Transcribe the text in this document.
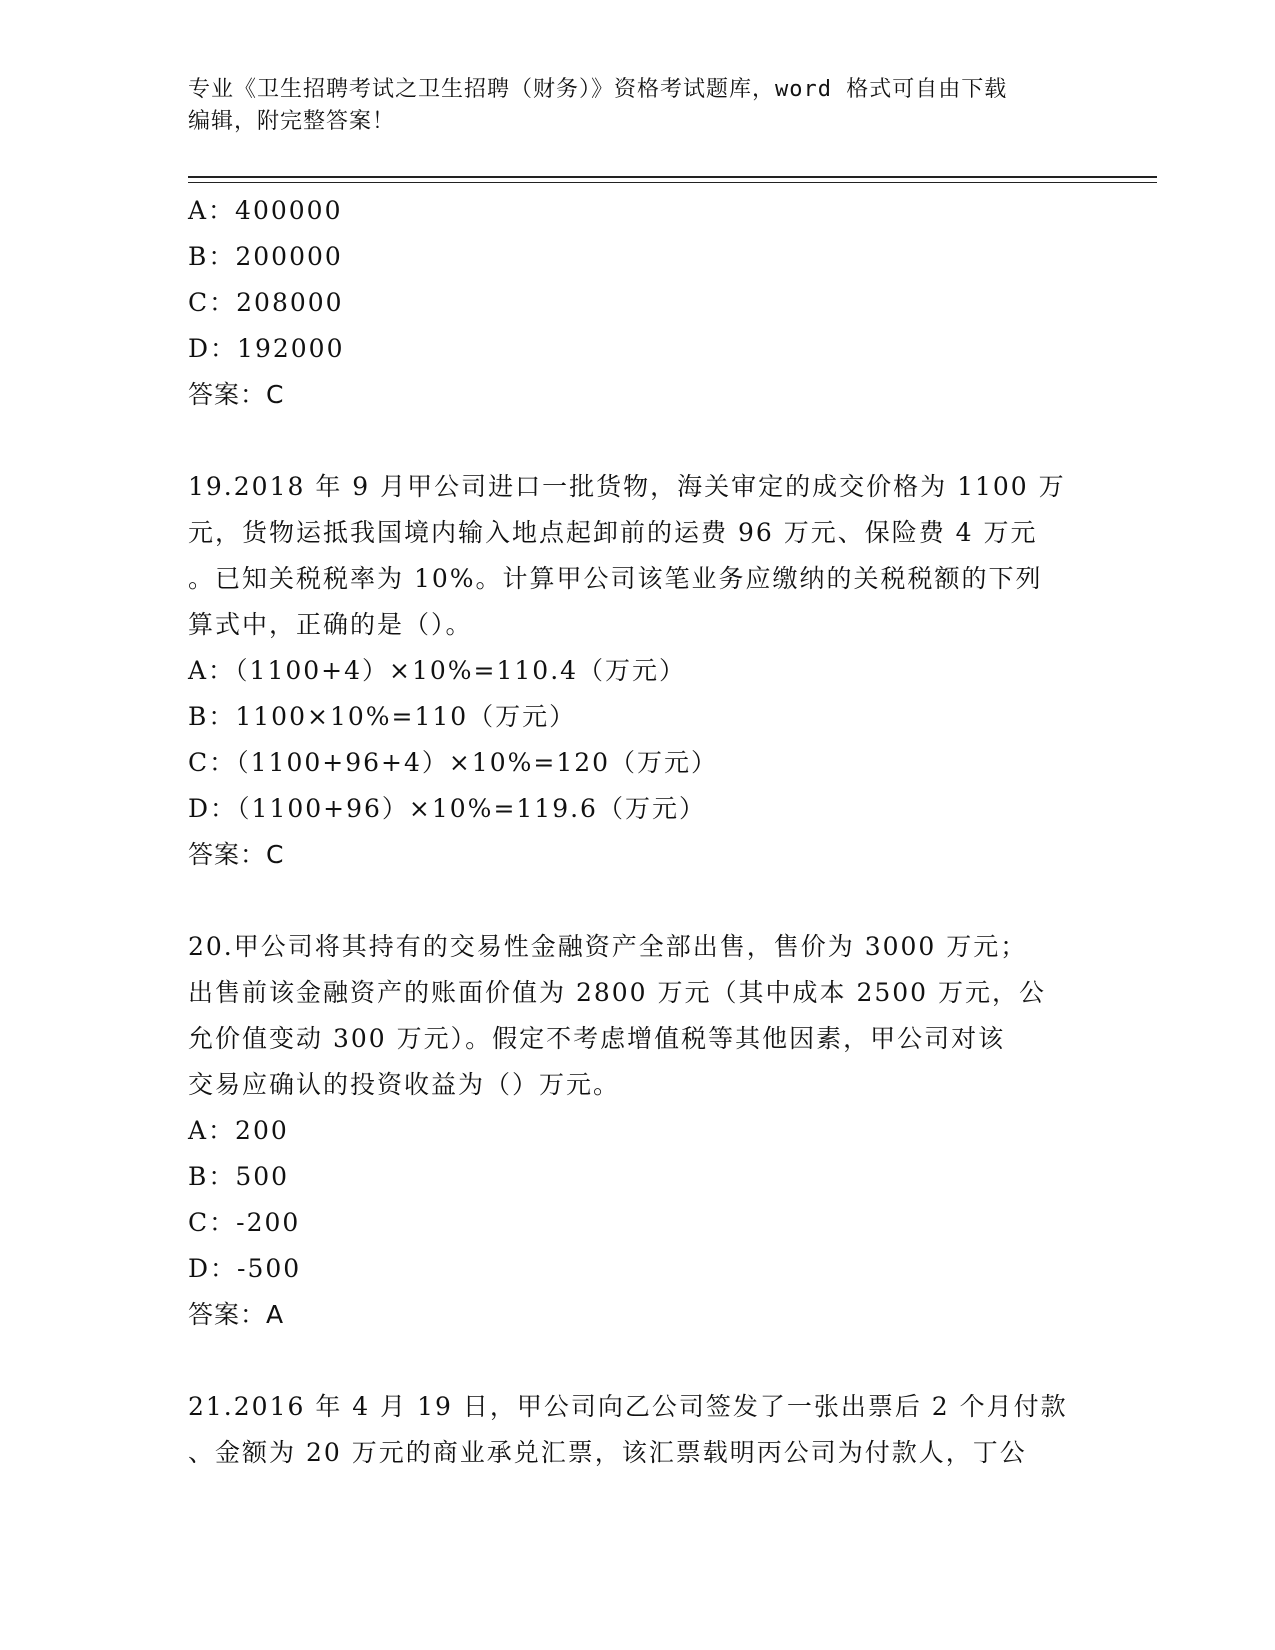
专业《卫生招聘考试之卫生招聘（财务）》资格考试题库，word 格式可自由下载
编辑，附完整答案！
A：400000
B：200000
C：208000
D：192000
答案：C
19.2018 年 9 月甲公司进口一批货物，海关审定的成交价格为 1100 万
元，货物运抵我国境内输入地点起卸前的运费 96 万元、保险费 4 万元
。已知关税税率为 10%。计算甲公司该笔业务应缴纳的关税税额的下列
算式中，正确的是（）。
A：（1100+4）×10%=110.4（万元）
B：1100×10%=110（万元）
C：（1100+96+4）×10%=120（万元）
D：（1100+96）×10%=119.6（万元）
答案：C
20.甲公司将其持有的交易性金融资产全部出售，售价为 3000 万元；
出售前该金融资产的账面价值为 2800 万元（其中成本 2500 万元，公
允价值变动 300 万元）。假定不考虑增值税等其他因素，甲公司对该
交易应确认的投资收益为（）万元。
A：200
B：500
C：-200
D：-500
答案：A
21.2016 年 4 月 19 日，甲公司向乙公司签发了一张出票后 2 个月付款
、金额为 20 万元的商业承兑汇票，该汇票载明丙公司为付款人，丁公
